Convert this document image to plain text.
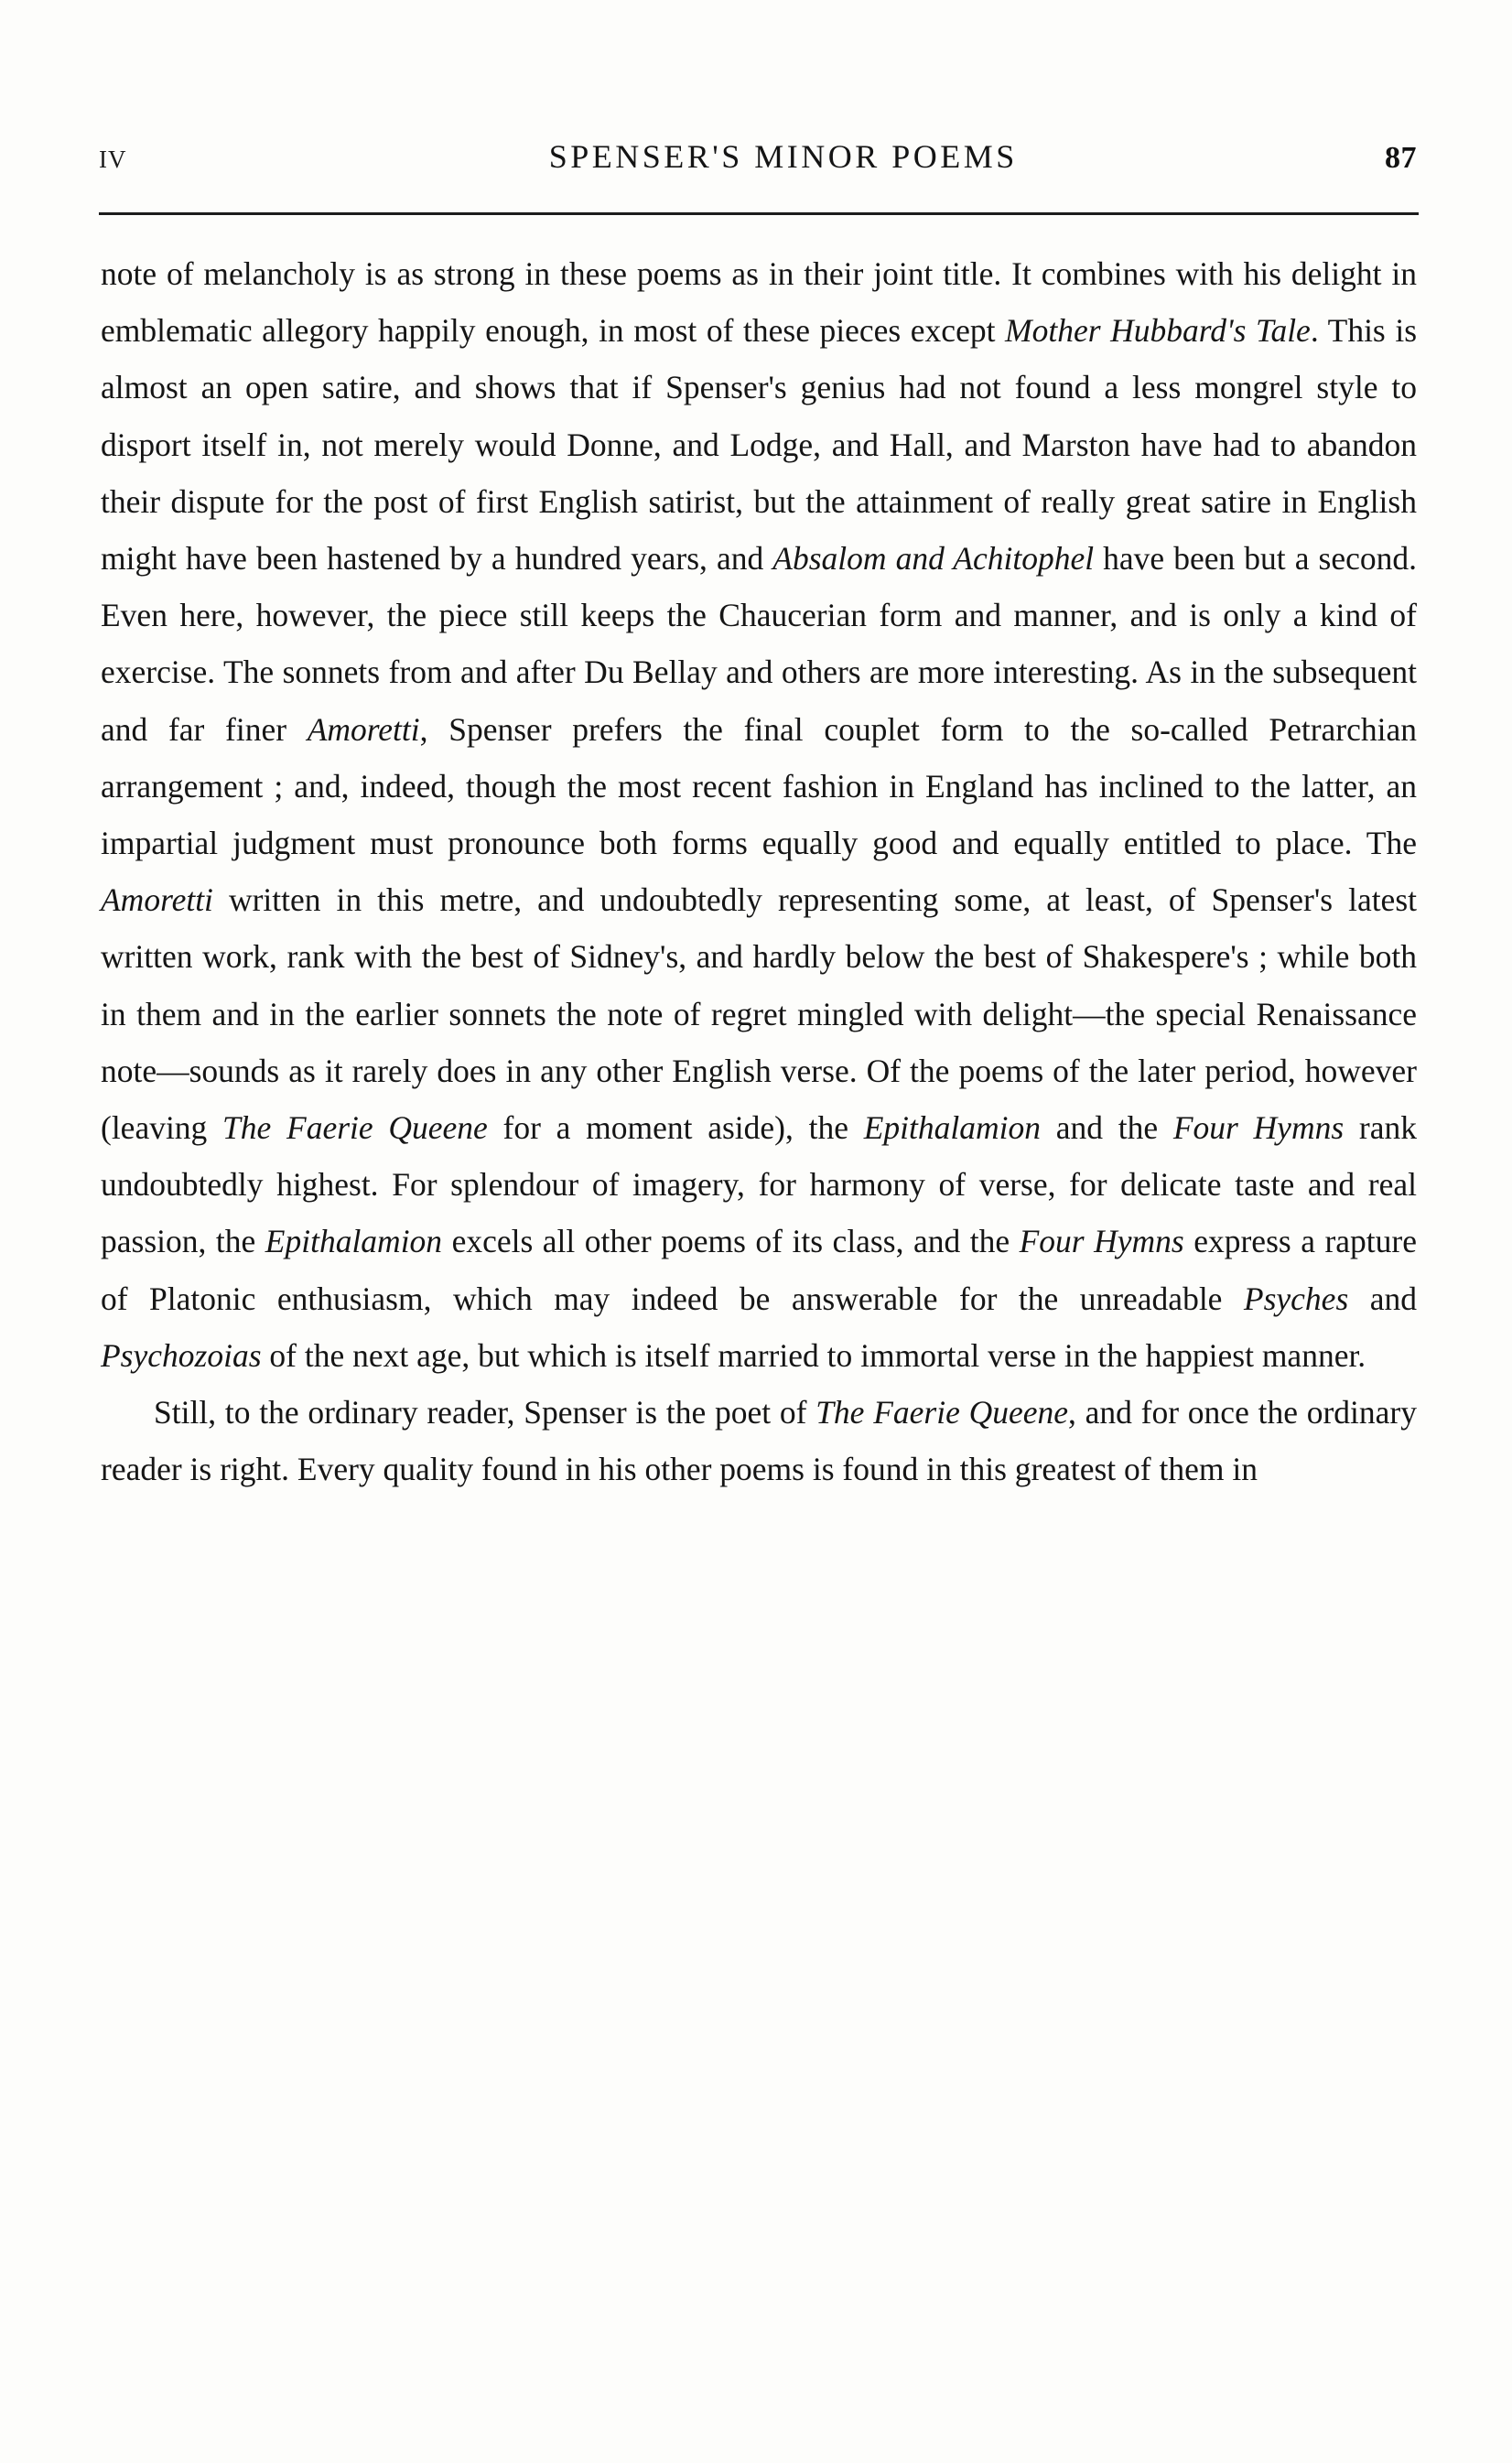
IV	SPENSER'S MINOR POEMS	87

note of melancholy is as strong in these poems as in their joint title. It combines with his delight in emblematic allegory happily enough, in most of these pieces except Mother Hubbard's Tale. This is almost an open satire, and shows that if Spenser's genius had not found a less mongrel style to disport itself in, not merely would Donne, and Lodge, and Hall, and Marston have had to abandon their dispute for the post of first English satirist, but the attainment of really great satire in English might have been hastened by a hundred years, and Absalom and Achitophel have been but a second. Even here, however, the piece still keeps the Chaucerian form and manner, and is only a kind of exercise. The sonnets from and after Du Bellay and others are more interesting. As in the subsequent and far finer Amoretti, Spenser prefers the final couplet form to the so-called Petrarchian arrangement ; and, indeed, though the most recent fashion in England has inclined to the latter, an impartial judgment must pronounce both forms equally good and equally entitled to place. The Amoretti written in this metre, and undoubtedly representing some, at least, of Spenser's latest written work, rank with the best of Sidney's, and hardly below the best of Shakespere's ; while both in them and in the earlier sonnets the note of regret mingled with delight—the special Renaissance note—sounds as it rarely does in any other English verse. Of the poems of the later period, however (leaving The Faerie Queene for a moment aside), the Epithalamion and the Four Hymns rank undoubtedly highest. For splendour of imagery, for harmony of verse, for delicate taste and real passion, the Epithalamion excels all other poems of its class, and the Four Hymns express a rapture of Platonic enthusiasm, which may indeed be answerable for the unreadable Psyches and Psychozoias of the next age, but which is itself married to immortal verse in the happiest manner.

Still, to the ordinary reader, Spenser is the poet of The Faerie Queene, and for once the ordinary reader is right. Every quality found in his other poems is found in this greatest of them in
